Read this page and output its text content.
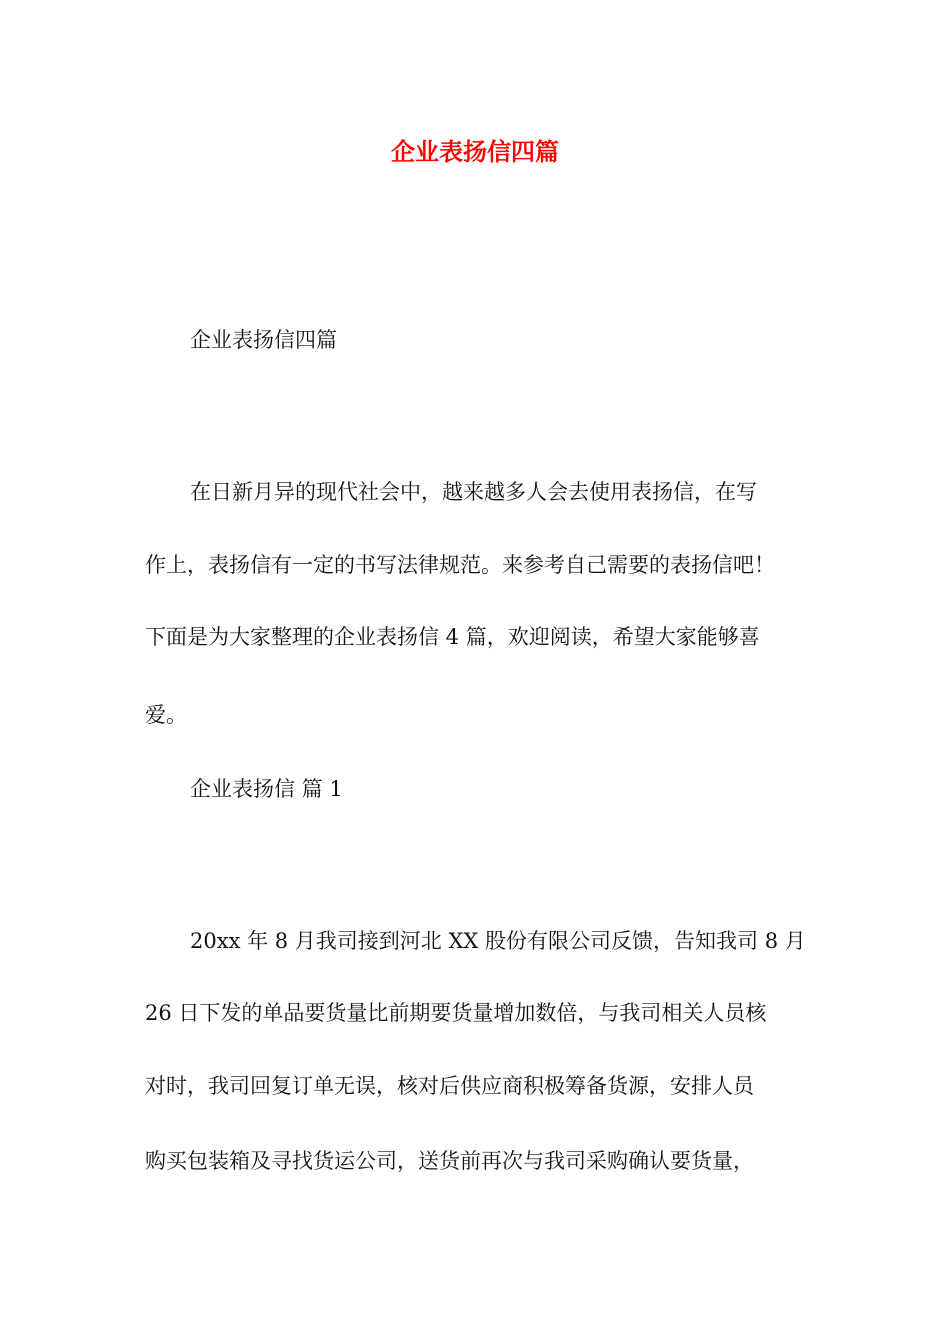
企业表扬信四篇

企业表扬信四篇

在日新月异的现代社会中，越来越多人会去使用表扬信，在写

作上，表扬信有一定的书写法律规范。来参考自己需要的表扬信吧！

下面是为大家整理的企业表扬信 4 篇，欢迎阅读，希望大家能够喜

爱。

企业表扬信 篇 1

20xx 年 8 月我司接到河北 XX 股份有限公司反馈，告知我司 8 月

26 日下发的单品要货量比前期要货量增加数倍，与我司相关人员核

对时，我司回复订单无误，核对后供应商积极筹备货源，安排人员

购买包装箱及寻找货运公司，送货前再次与我司采购确认要货量，
